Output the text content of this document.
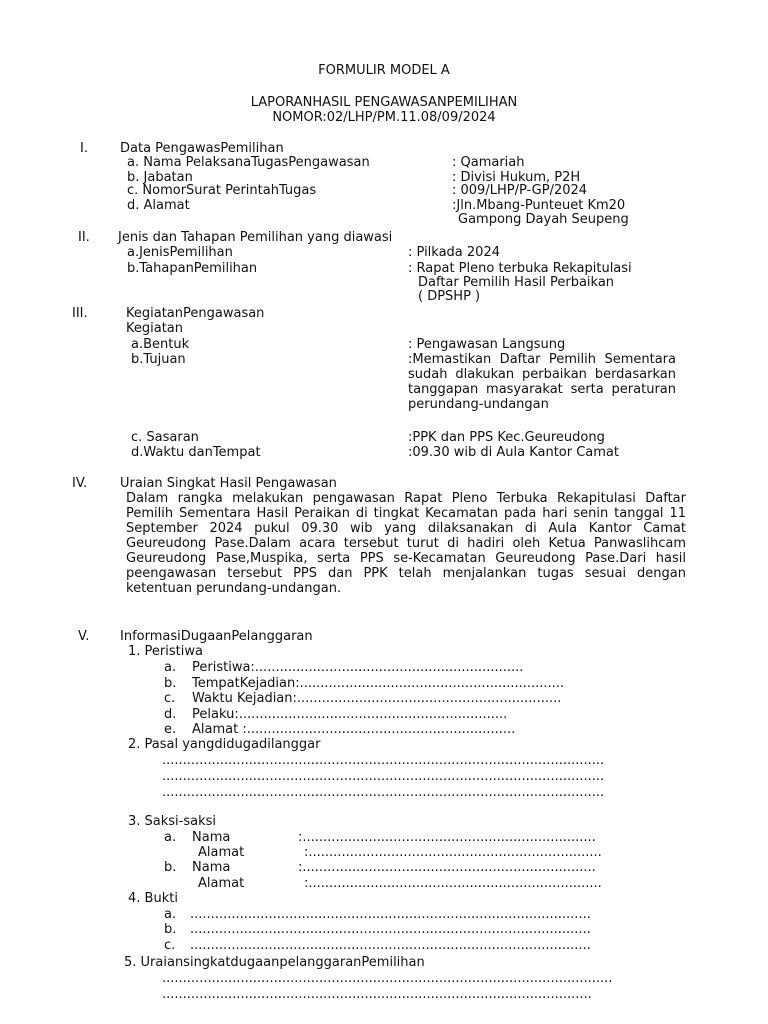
FORMULIR MODEL A
LAPORANHASIL PENGAWASANPEMILIHAN
NOMOR:02/LHP/PM.11.08/09/2024
I. Data PengawasPemilihan
a. Nama PelaksanaTugasPengawasan	: Qamariah
b. Jabatan	: Divisi Hukum, P2H
c. NomorSurat PerintahTugas	: 009/LHP/P-GP/2024
d. Alamat	:Jln.Mbang-Punteuet Km20
Gampong Dayah Seupeng
II. Jenis dan Tahapan Pemilihan yang diawasi
a.JenisPemilihan	: Pilkada 2024
b.TahapanPemilihan	: Rapat Pleno terbuka Rekapitulasi
Daftar Pemilih Hasil Perbaikan
( DPSHP )
III.	KegiatanPengawasan
Kegiatan
a.Bentuk	: Pengawasan Langsung
b.Tujuan	:Memastikan Daftar Pemilih Sementara sudah dlakukan perbaikan berdasarkan tanggapan masyarakat serta peraturan perundang-undangan
c. Sasaran	:PPK dan PPS Kec.Geureudong
d.Waktu danTempat	:09.30 wib di Aula Kantor Camat
IV.	Uraian Singkat Hasil Pengawasan
Dalam rangka melakukan pengawasan Rapat Pleno Terbuka Rekapitulasi Daftar Pemilih Sementara Hasil Peraikan di tingkat Kecamatan pada hari senin tanggal 11 September 2024 pukul 09.30 wib yang dilaksanakan di Aula Kantor Camat Geureudong Pase.Dalam acara tersebut turut di hadiri oleh Ketua Panwaslihcam Geureudong Pase,Muspika, serta PPS se-Kecamatan Geureudong Pase.Dari hasil peengawasan tersebut PPS dan PPK telah menjalankan tugas sesuai dengan ketentuan perundang-undangan.
V. InformasiDugaanPelanggaran
1. Peristiwa
a. Peristiwa:.................................................................
b. TempatKejadian:................................................................
c. Waktu Kejadian:................................................................
d. Pelaku:.................................................................
e. Alamat :.................................................................
2. Pasal yangdidugadilanggar
...........................................................................................................
...........................................................................................................
...........................................................................................................
3. Saksi-saksi
a. Nama	:.......................................................................
Alamat	:.......................................................................
b. Nama	:.......................................................................
Alamat	:.......................................................................
4. Bukti
a. .................................................................................................
b. .................................................................................................
c. .................................................................................................
5. UraiansingkatdugaanpelanggaranPemilihan
.............................................................................................................
........................................................................................................
